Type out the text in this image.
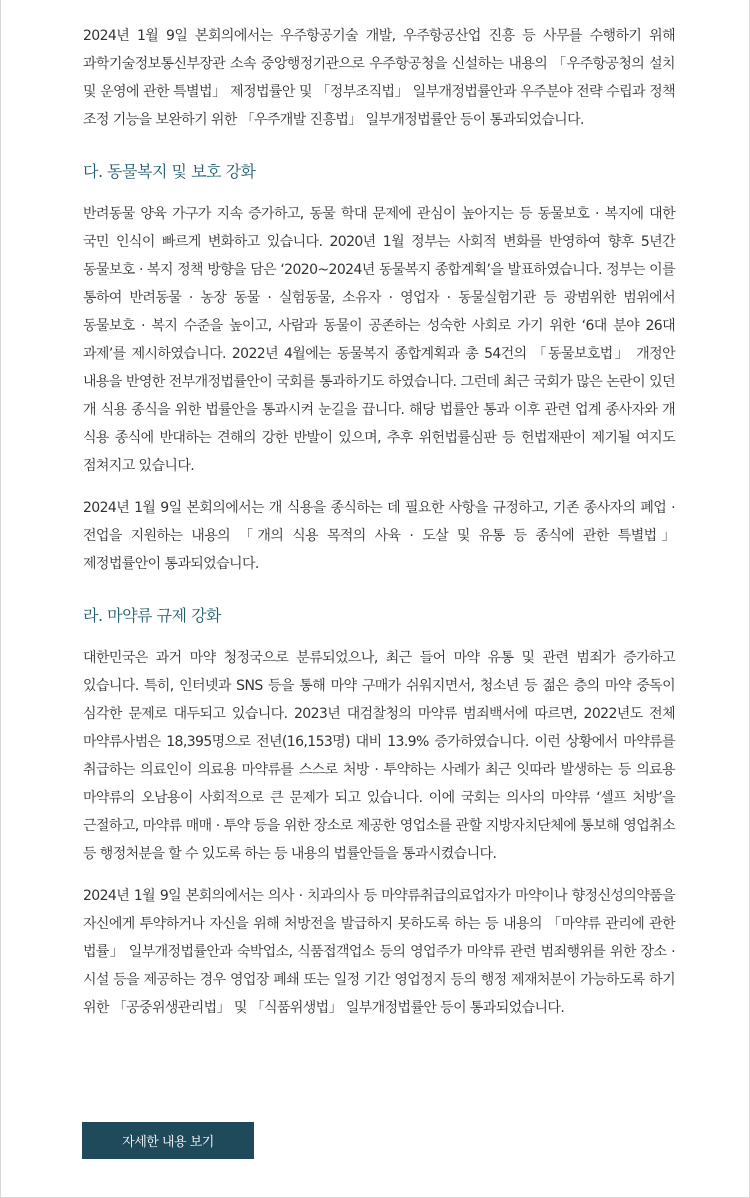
2024년 1월 9일 본회의에서는 우주항공기술 개발, 우주항공산업 진흥 등 사무를 수행하기 위해 과학기술정보통신부장관 소속 중앙행정기관으로 우주항공청을 신설하는 내용의 「우주항공청의 설치 및 운영에 관한 특별법」 제정법률안 및 「정부조직법」 일부개정법률안과 우주분야 전략 수립과 정책 조정 기능을 보완하기 위한 「우주개발 진흥법」 일부개정법률안 등이 통과되었습니다.

다. 동물복지 및 보호 강화

반려동물 양육 가구가 지속 증가하고, 동물 학대 문제에 관심이 높아지는 등 동물보호 · 복지에 대한 국민 인식이 빠르게 변화하고 있습니다. 2020년 1월 정부는 사회적 변화를 반영하여 향후 5년간 동물보호 · 복지 정책 방향을 담은 ‘2020~2024년 동물복지 종합계획’을 발표하였습니다. 정부는 이를 통하여 반려동물 · 농장 동물 · 실험동물, 소유자 · 영업자 · 동물실험기관 등 광범위한 범위에서 동물보호 · 복지 수준을 높이고, 사람과 동물이 공존하는 성숙한 사회로 가기 위한 ‘6대 분야 26대 과제’를 제시하였습니다. 2022년 4월에는 동물복지 종합계획과 총 54건의 「동물보호법」 개정안 내용을 반영한 전부개정법률안이 국회를 통과하기도 하였습니다. 그런데 최근 국회가 많은 논란이 있던 개 식용 종식을 위한 법률안을 통과시켜 눈길을 끕니다. 해당 법률안 통과 이후 관련 업계 종사자와 개 식용 종식에 반대하는 견해의 강한 반발이 있으며, 추후 위헌법률심판 등 헌법재판이 제기될 여지도 점쳐지고 있습니다.

2024년 1월 9일 본회의에서는 개 식용을 종식하는 데 필요한 사항을 규정하고, 기존 종사자의 폐업 · 전업을 지원하는 내용의 「개의 식용 목적의 사육 · 도살 및 유통 등 종식에 관한 특별법」 제정법률안이 통과되었습니다.

라. 마약류 규제 강화

대한민국은 과거 마약 청정국으로 분류되었으나, 최근 들어 마약 유통 및 관련 범죄가 증가하고 있습니다. 특히, 인터넷과 SNS 등을 통해 마약 구매가 쉬워지면서, 청소년 등 젊은 층의 마약 중독이 심각한 문제로 대두되고 있습니다. 2023년 대검찰청의 마약류 범죄백서에 따르면, 2022년도 전체 마약류사범은 18,395명으로 전년(16,153명) 대비 13.9% 증가하였습니다. 이런 상황에서 마약류를 취급하는 의료인이 의료용 마약류를 스스로 처방 · 투약하는 사례가 최근 잇따라 발생하는 등 의료용 마약류의 오남용이 사회적으로 큰 문제가 되고 있습니다. 이에 국회는 의사의 마약류 ‘셀프 처방’을 근절하고, 마약류 매매 · 투약 등을 위한 장소로 제공한 영업소를 관할 지방자치단체에 통보해 영업취소 등 행정처분을 할 수 있도록 하는 등 내용의 법률안들을 통과시켰습니다.

2024년 1월 9일 본회의에서는 의사 · 치과의사 등 마약류취급의료업자가 마약이나 향정신성의약품을 자신에게 투약하거나 자신을 위해 처방전을 발급하지 못하도록 하는 등 내용의 「마약류 관리에 관한 법률」 일부개정법률안과 숙박업소, 식품접객업소 등의 영업주가 마약류 관련 범죄행위를 위한 장소 · 시설 등을 제공하는 경우 영업장 폐쇄 또는 일정 기간 영업정지 등의 행정 제재처분이 가능하도록 하기 위한 「공중위생관리법」 및 「식품위생법」 일부개정법률안 등이 통과되었습니다.

자세한 내용 보기
